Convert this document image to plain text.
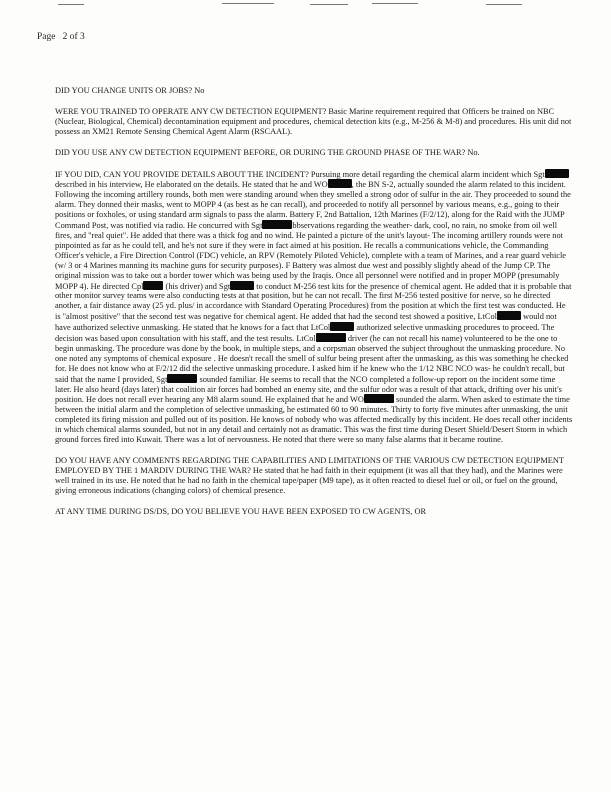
Page 2 of 3

DID YOU CHANGE UNITS OR JOBS? No

WERE YOU TRAINED TO OPERATE ANY CW DETECTION EQUIPMENT? Basic Marine requirement required that Officers be trained on NBC (Nuclear, Biological, Chemical) decontamination equipment and procedures, chemical detection kits (e.g., M-256 & M-8) and procedures. His unit did not possess an XM21 Remote Sensing Chemical Agent Alarm (RSCAAL).

DID YOU USE ANY CW DETECTION EQUIPMENT BEFORE, OR DURING THE GROUND PHASE OF THE WAR? No.

IF YOU DID, CAN YOU PROVIDE DETAILS ABOUT THE INCIDENT? Pursuing more detail regarding the chemical alarm incident which Sgt described in his interview, He elaborated on the details. He stated that he and WO	, the BN S-2, actually sounded the alarm related to this incident. Following the incoming artillery rounds, both men were standing around when they smelled a strong odor of sulfur in the air. They proceeded to sound the alarm. They donned their masks, went to MOPP 4 (as best as he can recall), and proceeded to notify all personnel by various means, e.g., going to their positions or foxholes, or using standard arm signals to pass the alarm. Battery F, 2nd Battalion, 12th Marines (F/2/12), along for the Raid with the JUMP Command Post, was notified via radio. He concurred with Sgt	bbservations regarding the weather- dark, cool, no rain, no smoke from oil well fires, and "real quiet". He added that there was a thick fog and no wind. He painted a picture of the unit's layout- The incoming artillery rounds were not pinpointed as far as he could tell, and he's not sure if they were in fact aimed at his position. He recalls a communications vehicle, the Commanding Officer's vehicle, a Fire Direction Control (FDC) vehicle, an RPV (Remotely Piloted Vehicle), complete with a team of Marines, and a rear guard vehicle (w/ 3 or 4 Marines manning its machine guns for security purposes). F Battery was almost due west and possibly slightly ahead of the Jump CP. The original mission was to take out a border tower which was being used by the Iraqis. Once all personnel were notified and in proper MOPP (presumably MOPP 4). He directed Cpl (his driver) and Sgt	to conduct M-256 test kits for the presence of chemical agent. He added that it is probable that other monitor survey teams were also conducting tests at that position, but he can not recall. The first M-256 tested positive for nerve, so he directed another, a fair distance away (25 yd. plus/ in accordance with Standard Operating Procedures) from the position at which the first test was conducted. He is "almost positive" that the second test was negative for chemical agent. He added that had the second test showed a positive, LtCol	would not have authorized selective unmasking. He stated that he knows for a fact that LtCol	authorized selective unmasking procedures to proceed. The decision was based upon consultation with his staff, and the test results. LtCol	driver (he can not recall his name) volunteered to be the one to begin unmasking. The procedure was done by the book, in multiple steps, and a corpsman observed the subject throughout the unmasking procedure. No one noted any symptoms of chemical exposure . He doesn't recall the smell of sulfur being present after the unmasking, as this was something he checked for. He does not know who at F/2/12 did the selective unmasking procedure. I asked him if he knew who the 1/12 NBC NCO was- he couldn't recall, but said that the name I provided, Sgt	sounded familiar. He seems to recall that the NCO completed a follow-up report on the incident some time later. He also heard (days later) that coalition air forces had bombed an enemy site, and the sulfur odor was a result of that attack, drifting over his unit's position. He does not recall ever hearing any M8 alarm sound. He explained that he and WO	sounded the alarm. When asked to estimate the time between the initial alarm and the completion of selective unmasking, he estimated 60 to 90 minutes. Thirty to forty five minutes after unmasking, the unit completed its firing mission and pulled out of its position. He knows of nobody who was affected medically by this incident. He does recall other incidents in which chemical alarms sounded, but not in any detail and certainly not as dramatic. This was the first time during Desert Shield/Desert Storm in which ground forces fired into Kuwait. There was a lot of nervousness. He noted that there were so many false alarms that it became routine.

DO YOU HAVE ANY COMMENTS REGARDING THE CAPABILITIES AND LIMITATIONS OF THE VARIOUS CW DETECTION EQUIPMENT EMPLOYED BY THE 1 MARDIV DURING THE WAR? He stated that he had faith in their equipment (it was all that they had), and the Marines were well trained in its use. He noted that he had no faith in the chemical tape/paper (M9 tape), as it often reacted to diesel fuel or oil, or fuel on the ground, giving erroneous indications (changing colors) of chemical presence.

AT ANY TIME DURING DS/DS, DO YOU BELIEVE YOU HAVE BEEN EXPOSED TO CW AGENTS, OR
